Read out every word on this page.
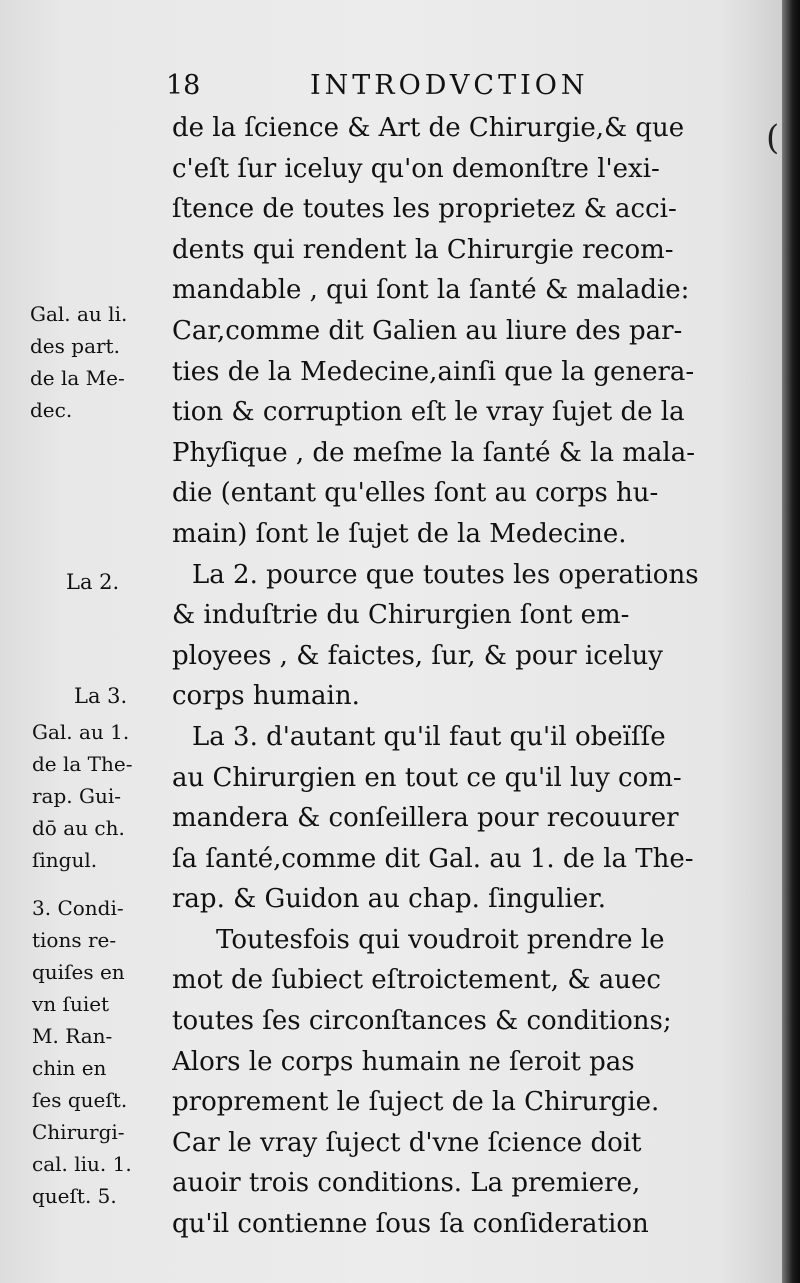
18	INTRODVCTION
de la ſcience & Art de Chirurgie,& que
c'eſt ſur iceluy qu'on demonſtre l'exi-
ſtence de toutes les proprietez & acci-
dents qui rendent la Chirurgie recom-
mandable , qui ſont la ſanté & maladie:
Car,comme dit Galien au liure des par-
ties de la Medecine,ainſi que la genera-
tion & corruption eſt le vray ſujet de la
Phyſique , de meſme la ſanté & la mala-
die (entant qu'elles ſont au corps hu-
main) ſont le ſujet de la Medecine.
La 2. pource que toutes les operations
& induſtrie du Chirurgien ſont em-
ployees , & faictes, ſur, & pour iceluy
corps humain.
La 3. d'autant qu'il faut qu'il obeïſſe
au Chirurgien en tout ce qu'il luy com-
mandera & conſeillera pour recouurer
ſa ſanté,comme dit Gal. au 1. de la The-
rap. & Guidon au chap. ſingulier.
Toutesfois qui voudroit prendre le
mot de ſubiect eſtroictement, & auec
toutes ſes circonſtances & conditions;
Alors le corps humain ne ſeroit pas
proprement le ſuject de la Chirurgie.
Car le vray ſuject d'vne ſcience doit
auoir trois conditions. La premiere,
qu'il contienne ſous ſa conſideration
Gal. au li.
des part.
de la Me-
dec.
La 2.
La 3.
Gal. au 1.
de la The-
rap. Gui-
dō au ch.
ſingul.
3. Condi-
tions re-
quiſes en
vn ſuiet
M. Ran-
chin en
ſes queſt.
Chirurgi-
cal. liu. 1.
queſt. 5.
(
